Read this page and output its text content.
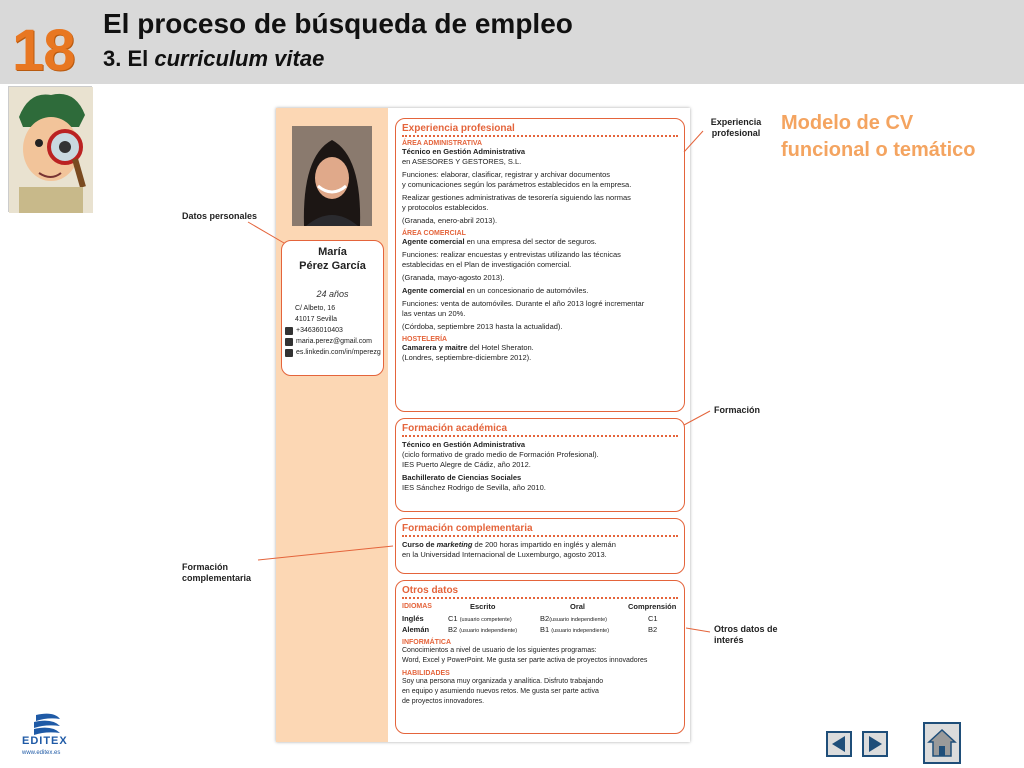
18 El proceso de búsqueda de empleo
3. El curriculum vitae
Modelo de CV funcional o temático
María
Pérez García
24 años
C/ Albeto, 16
41017 Sevilla
+34636010403
maria.perez@gmail.com
es.linkedin.com/in/mperezg
Experiencia profesional
ÁREA ADMINISTRATIVA
Técnico en Gestión Administrativa
en ASESORES Y GESTORES, S.L.
Funciones: elaborar, clasificar, registrar y archivar documentos
y comunicaciones según los parámetros establecidos en la empresa.
Realizar gestiones administrativas de tesorería siguiendo las normas
y protocolos establecidos.
(Granada, enero-abril 2013).
ÁREA COMERCIAL
Agente comercial en una empresa del sector de seguros.
Funciones: realizar encuestas y entrevistas utilizando las técnicas
establecidas en el Plan de investigación comercial.
(Granada, mayo-agosto 2013).
Agente comercial en un concesionario de automóviles.
Funciones: venta de automóviles. Durante el año 2013 logré incrementar
las ventas un 20%.
(Córdoba, septiembre 2013 hasta la actualidad).
HOSTELERÍA
Camarera y maitre del Hotel Sheraton.
(Londres, septiembre-diciembre 2012).
Formación académica
Técnico en Gestión Administrativa
(ciclo formativo de grado medio de Formación Profesional).
IES Puerto Alegre de Cádiz, año 2012.
Bachillerato de Ciencias Sociales
IES Sánchez Rodrigo de Sevilla, año 2010.
Formación complementaria
Curso de marketing de 200 horas impartido en inglés y alemán
en la Universidad Internacional de Luxemburgo, agosto 2013.
Otros datos
IDIOMAS	Escrito	Oral	Comprensión
Inglés	C1 (usuario competente)	B2(usuario independiente)	C1
Alemán	B2 (usuario independiente)	B1 (usuario independiente)	B2
INFORMÁTICA
Conocimientos a nivel de usuario de los siguientes programas:
Word, Excel y PowerPoint. Me gusta ser parte activa de proyectos innovadores
HABILIDADES
Soy una persona muy organizada y analítica. Disfruto trabajando
en equipo y asumiendo nuevos retos. Me gusta ser parte activa
de proyectos innovadores.
Experiencia profesional
Datos personales
Formación
Formación complementaria
Otros datos de interés
EDITEX
www.editex.es
